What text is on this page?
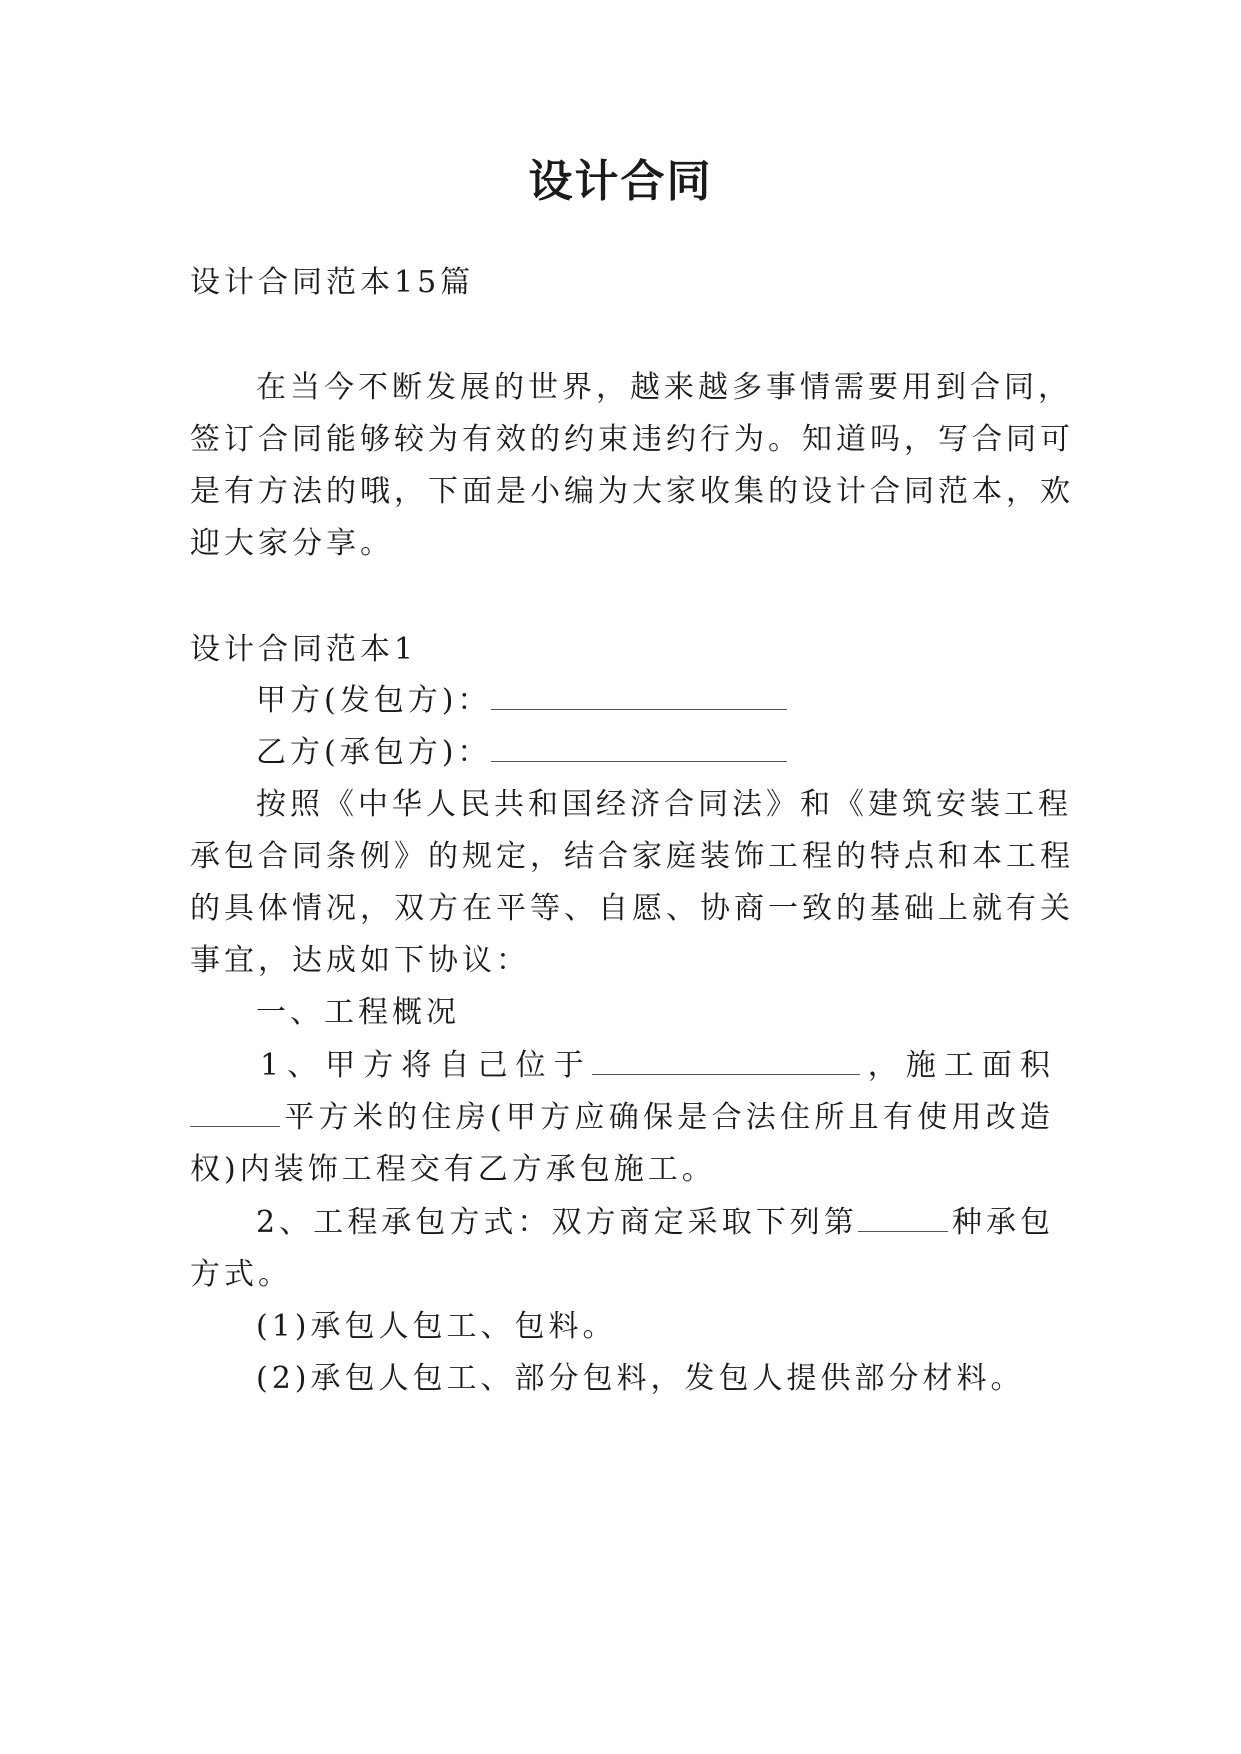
设计合同
设计合同范本15篇
在当今不断发展的世界，越来越多事情需要用到合同，
签订合同能够较为有效的约束违约行为。知道吗，写合同可
是有方法的哦，下面是小编为大家收集的设计合同范本，欢
迎大家分享。
设计合同范本1
甲方(发包方)：
乙方(承包方)：
按照《中华人民共和国经济合同法》和《建筑安装工程
承包合同条例》的规定，结合家庭装饰工程的特点和本工程
的具体情况，双方在平等、自愿、协商一致的基础上就有关
事宜，达成如下协议：
一、工程概况
1、甲方将自己位于	，施工面积
平方米的住房(甲方应确保是合法住所且有使用改造
权)内装饰工程交有乙方承包施工。
2、工程承包方式：双方商定采取下列第	种承包
方式。
(1)承包人包工、包料。
(2)承包人包工、部分包料，发包人提供部分材料。
